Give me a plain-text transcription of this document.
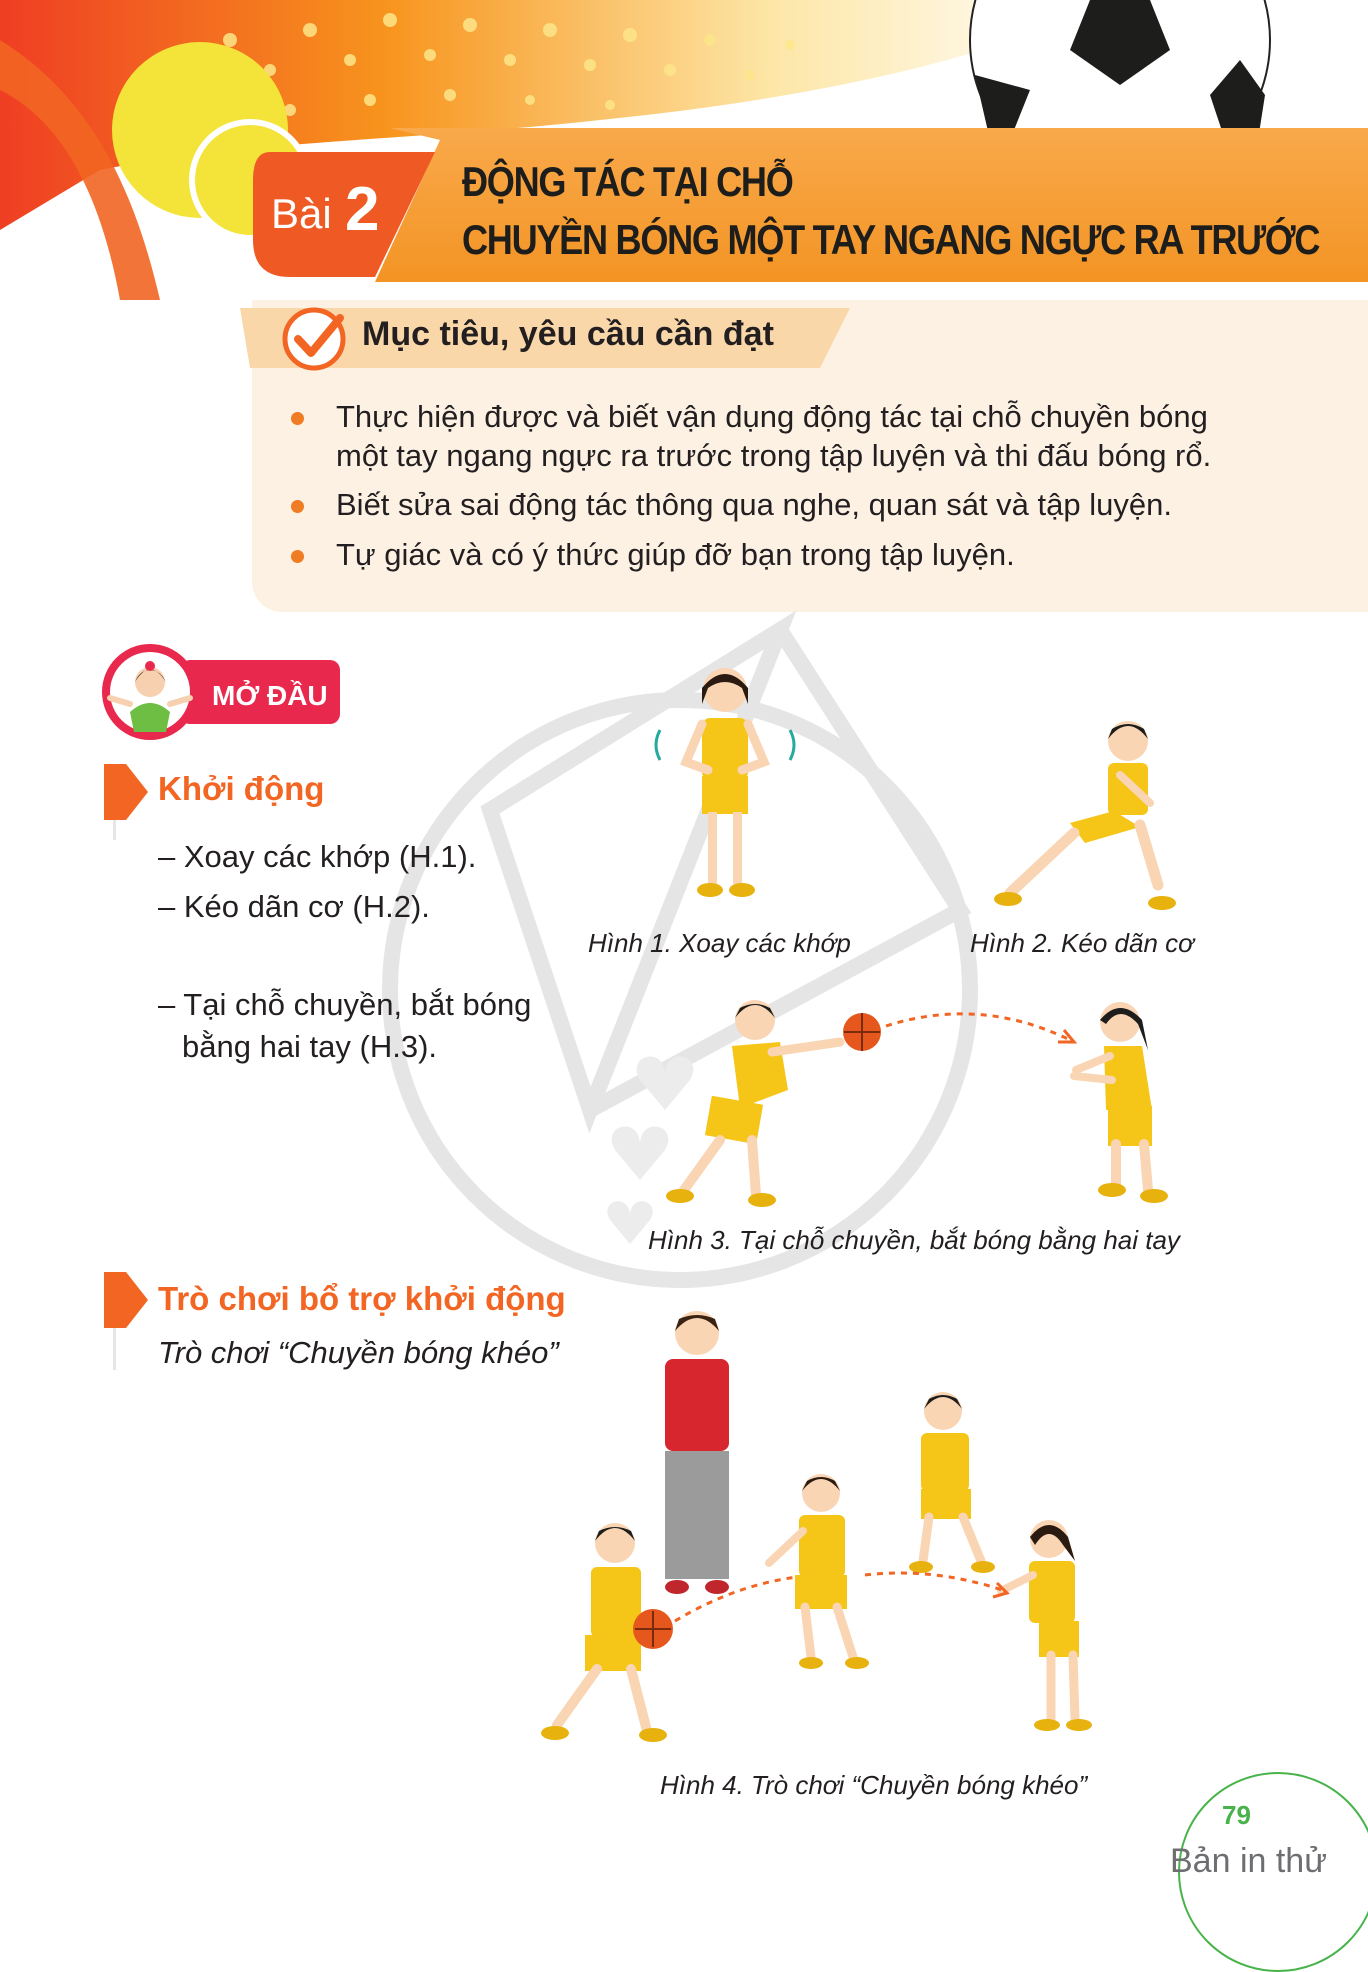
Bài 2 ĐỘNG TÁC TẠI CHỖ
CHUYỀN BÓNG MỘT TAY NGANG NGỰC RA TRƯỚC
Mục tiêu, yêu cầu cần đạt
Thực hiện được và biết vận dụng động tác tại chỗ chuyền bóng
một tay ngang ngực ra trước trong tập luyện và thi đấu bóng rổ.
Biết sửa sai động tác thông qua nghe, quan sát và tập luyện.
Tự giác và có ý thức giúp đỡ bạn trong tập luyện.
MỞ ĐẦU
Khởi động
– Xoay các khớp (H.1).
– Kéo dãn cơ (H.2).
– Tại chỗ chuyền, bắt bóng
bằng hai tay (H.3).
Hình 1. Xoay các khớp	Hình 2. Kéo dãn cơ
Hình 3. Tại chỗ chuyền, bắt bóng bằng hai tay
Trò chơi bổ trợ khởi động
Trò chơi “Chuyền bóng khéo”
Hình 4. Trò chơi “Chuyền bóng khéo”
79
Bản in thử
